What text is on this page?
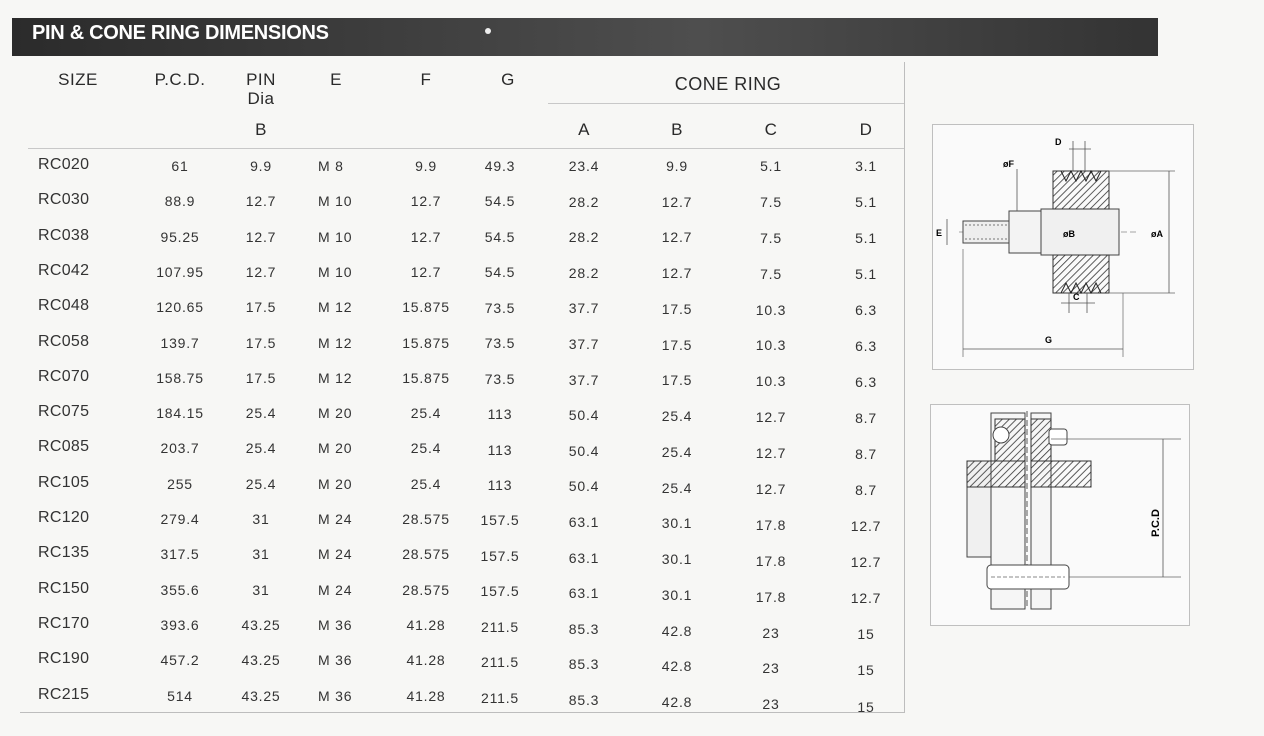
PIN & CONE RING DIMENSIONS
SIZE	P.C.D. PIN
Dia
E	F	G	CONE RING
B	A	B	C	D
RC020	61	9.9	M 8	9.9	49.3	23.4	9.9	5.1	3.1
RC030	88.9	12.7	M 10	12.7	54.5	28.2	12.7	7.5	5.1
RC038	95.25	12.7	M 10	12.7	54.5	28.2	12.7	7.5	5.1
RC042	107.95	12.7	M 10	12.7	54.5	28.2	12.7	7.5	5.1
RC048	120.65	17.5	M 12	15.875 73.5	37.7	17.5	10.3	6.3
RC058	139.7	17.5	M 12	15.875 73.5	37.7	17.5	10.3	6.3
RC070	158.75	17.5	M 12	15.875 73.5	37.7	17.5	10.3	6.3
RC075	184.15	25.4	M 20	25.4	113	50.4	25.4	12.7	8.7
RC085	203.7	25.4	M 20	25.4	113	50.4	25.4	12.7	8.7
RC105	255	25.4	M 20	25.4	113	50.4	25.4	12.7	8.7
RC120	279.4	31	M 24	28.575 157.5	63.1	30.1	17.8	12.7
RC135	317.5	31	M 24	28.575 157.5	63.1	30.1	17.8	12.7
RC150	355.6	31	M 24	28.575 157.5	63.1	30.1	17.8	12.7
RC170	393.6	43.25	M 36	41.28	211.5	85.3	42.8	23	15
RC190	457.2	43.25	M 36	41.28	211.5	85.3	42.8	23	15
RC215	514	43.25	M 36	41.28	211.5	85.3	42.8	23	15
D
øF
E	øB	øA
C
G
P.C.D
